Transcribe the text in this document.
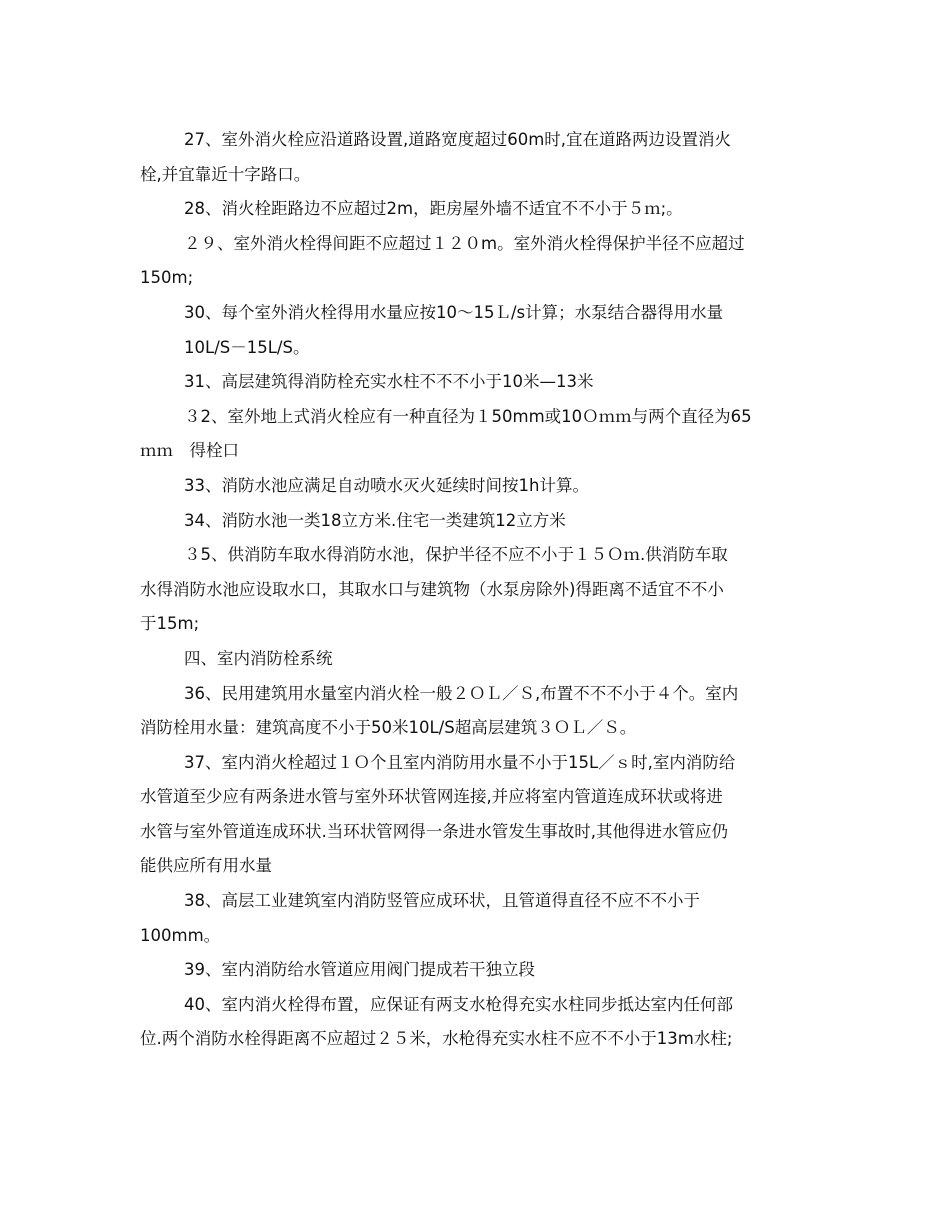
27、室外消火栓应沿道路设置,道路宽度超过60m时,宜在道路两边设置消火
栓,并宜靠近十字路口。
28、消火栓距路边不应超过2m，距房屋外墙不适宜不不小于５ｍ;。
２９、室外消火栓得间距不应超过１２０m。室外消火栓得保护半径不应超过
150m;
30、每个室外消火栓得用水量应按10～15Ｌ/s计算；水泵结合器得用水量
10L/S－15L/S。
31、高层建筑得消防栓充实水柱不不不小于10米—13米
３2、室外地上式消火栓应有一种直径为１50mm或10Ｏｍｍ与两个直径为65
ｍｍ　得栓口
33、消防水池应满足自动喷水灭火延续时间按1h计算。
34、消防水池一类18立方米.住宅一类建筑12立方米
３5、供消防车取水得消防水池，保护半径不应不小于１５Ｏｍ.供消防车取
水得消防水池应设取水口，其取水口与建筑物（水泵房除外)得距离不适宜不不小
于15m;
四、室内消防栓系统
36、民用建筑用水量室内消火栓一般２ＯＬ／Ｓ,布置不不不小于４个。室内
消防栓用水量：建筑高度不小于50米10L/S超高层建筑３ＯＬ／Ｓ。
37、室内消火栓超过１Ｏ个且室内消防用水量不小于15L／ｓ时,室内消防给
水管道至少应有两条进水管与室外环状管网连接,并应将室内管道连成环状或将进
水管与室外管道连成环状.当环状管网得一条进水管发生事故时,其他得进水管应仍
能供应所有用水量
38、高层工业建筑室内消防竖管应成环状，且管道得直径不应不不小于
100mm。
39、室内消防给水管道应用阀门提成若干独立段
40、室内消火栓得布置，应保证有两支水枪得充实水柱同步抵达室内任何部
位.两个消防水栓得距离不应超过２５米，水枪得充实水柱不应不不小于13m水柱;
